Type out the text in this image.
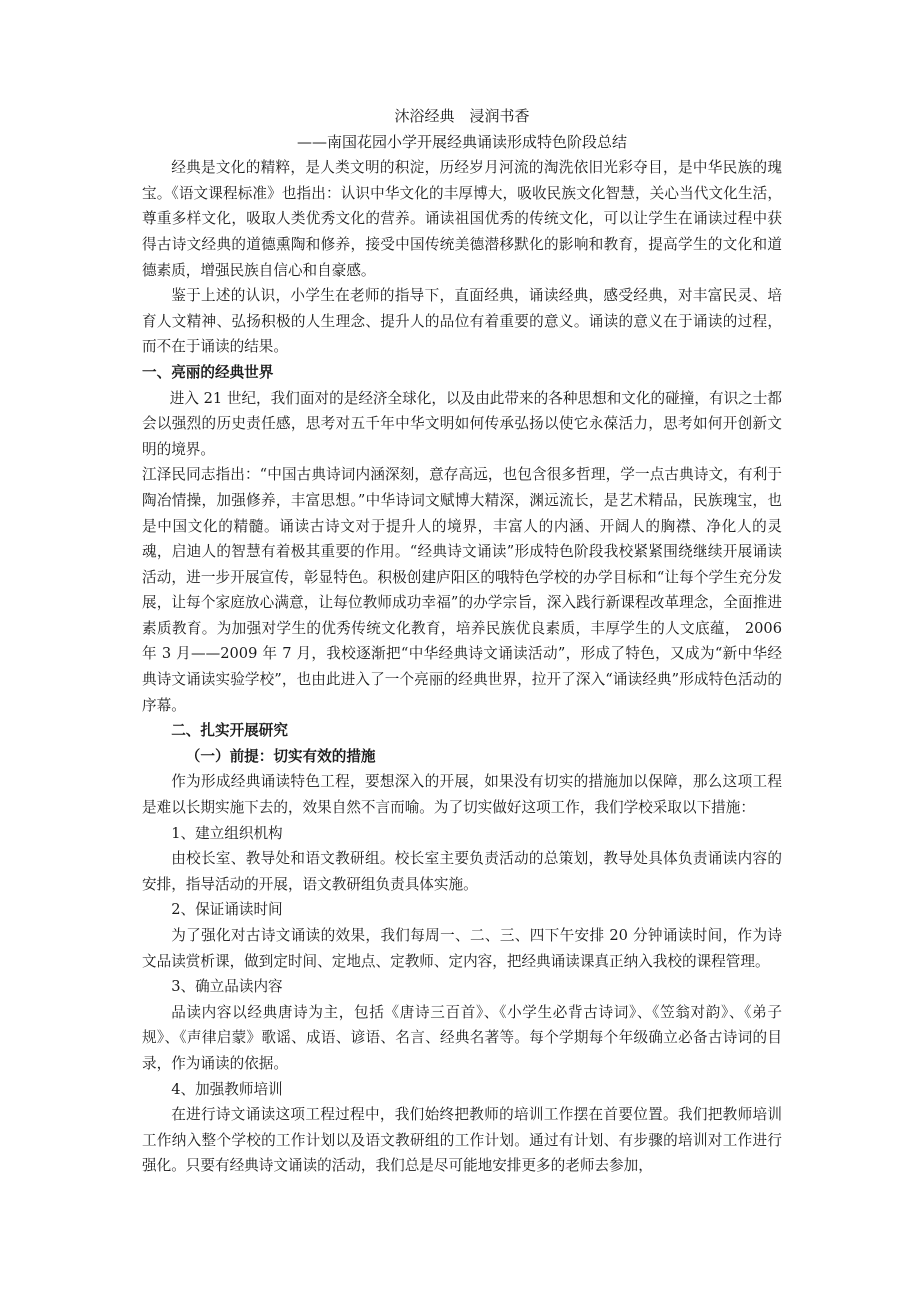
沐浴经典　浸润书香
——南国花园小学开展经典诵读形成特色阶段总结

经典是文化的精粹，是人类文明的积淀，历经岁月河流的淘洗依旧光彩夺目，是中华民族的瑰宝。《语文课程标准》也指出：认识中华文化的丰厚博大，吸收民族文化智慧，关心当代文化生活，尊重多样文化，吸取人类优秀文化的营养。诵读祖国优秀的传统文化，可以让学生在诵读过程中获得古诗文经典的道德熏陶和修养，接受中国传统美德潜移默化的影响和教育，提高学生的文化和道德素质，增强民族自信心和自豪感。

鉴于上述的认识，小学生在老师的指导下，直面经典，诵读经典，感受经典，对丰富民灵、培育人文精神、弘扬积极的人生理念、提升人的品位有着重要的意义。诵读的意义在于诵读的过程，而不在于诵读的结果。

一、亮丽的经典世界

进入 21 世纪，我们面对的是经济全球化，以及由此带来的各种思想和文化的碰撞，有识之士都会以强烈的历史责任感，思考对五千年中华文明如何传承弘扬以使它永葆活力，思考如何开创新文明的境界。

江泽民同志指出：“中国古典诗词内涵深刻，意存高远，也包含很多哲理，学一点古典诗文，有利于陶冶情操，加强修养，丰富思想。”中华诗词文赋博大精深，渊远流长，是艺术精品，民族瑰宝，也是中国文化的精髓。诵读古诗文对于提升人的境界，丰富人的内涵、开阔人的胸襟、净化人的灵魂，启迪人的智慧有着极其重要的作用。“经典诗文诵读”形成特色阶段我校紧紧围绕继续开展诵读活动，进一步开展宣传，彰显特色。积极创建庐阳区的哦特色学校的办学目标和“让每个学生充分发展，让每个家庭放心满意，让每位教师成功幸福”的办学宗旨，深入践行新课程改革理念，全面推进素质教育。为加强对学生的优秀传统文化教育，培养民族优良素质，丰厚学生的人文底蕴， 2006 年 3 月——2009 年 7 月，我校逐渐把“中华经典诗文诵读活动”，形成了特色，又成为“新中华经典诗文诵读实验学校”，也由此进入了一个亮丽的经典世界，拉开了深入“诵读经典”形成特色活动的序幕。

二、扎实开展研究
（一）前提：切实有效的措施

作为形成经典诵读特色工程，要想深入的开展，如果没有切实的措施加以保障，那么这项工程是难以长期实施下去的，效果自然不言而喻。为了切实做好这项工作，我们学校采取以下措施：

1、建立组织机构

由校长室、教导处和语文教研组。校长室主要负责活动的总策划，教导处具体负责诵读内容的安排，指导活动的开展，语文教研组负责具体实施。

2、保证诵读时间

为了强化对古诗文诵读的效果，我们每周一、二、三、四下午安排 20 分钟诵读时间，作为诗文品读赏析课，做到定时间、定地点、定教师、定内容，把经典诵读课真正纳入我校的课程管理。

3、确立品读内容

品读内容以经典唐诗为主，包括《唐诗三百首》、《小学生必背古诗词》、《笠翁对韵》、《弟子规》、《声律启蒙》歌谣、成语、谚语、名言、经典名著等。每个学期每个年级确立必备古诗词的目录，作为诵读的依据。

4、加强教师培训

在进行诗文诵读这项工程过程中，我们始终把教师的培训工作摆在首要位置。我们把教师培训工作纳入整个学校的工作计划以及语文教研组的工作计划。通过有计划、有步骤的培训对工作进行强化。只要有经典诗文诵读的活动，我们总是尽可能地安排更多的老师去参加，
